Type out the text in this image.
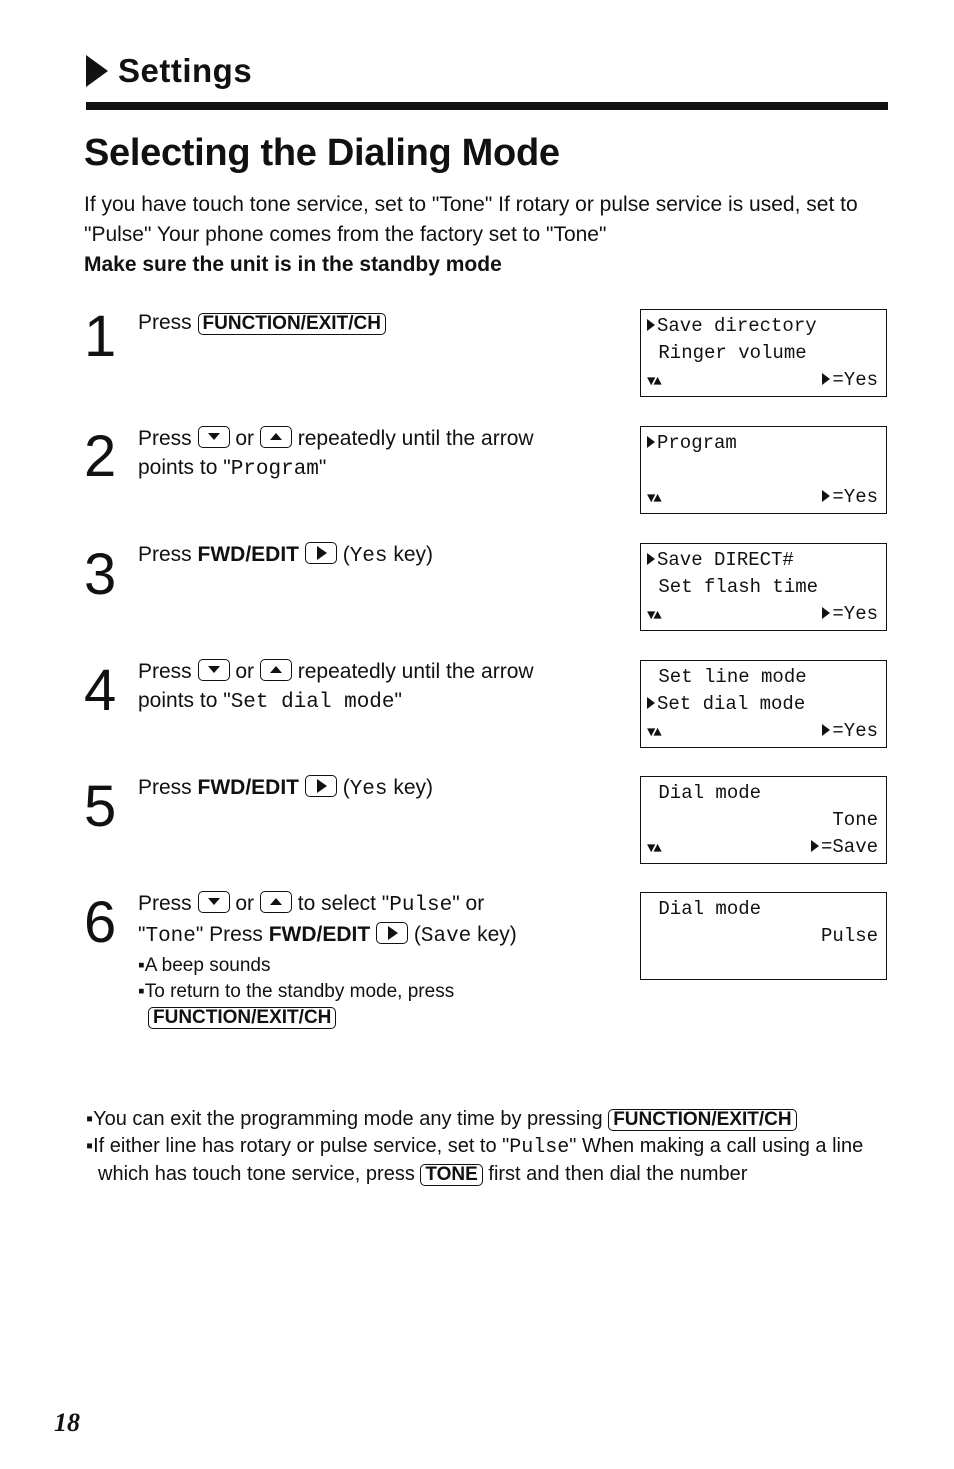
Settings
Selecting the Dialing Mode
If you have touch tone service, set to "Tone" If rotary or pulse service is used, set to "Pulse" Your phone comes from the factory set to "Tone"
Make sure the unit is in the standby mode
1 Press FUNCTION/EXIT/CH
2 Press or repeatedly until the arrow
points to "Program"
3 Press FWD/EDIT (Yes key)
4 Press or repeatedly until the arrow
points to "Set dial mode"
5 Press FWD/EDIT (Yes key)
6 Press or to select "Pulse" or
"Tone" Press FWD/EDIT (Save key)
▪A beep sounds
▪To return to the standby mode, press
FUNCTION/EXIT/CH
Save directory
Ringer volume
▼▲	=Yes
Program
▼▲	=Yes
Save DIRECT#
Set flash time
▼▲	=Yes
Set line mode
Set dial mode
▼▲	=Yes
Dial mode
Tone
▼▲	=Save
Dial mode
Pulse
▪You can exit the programming mode any time by pressing FUNCTION/EXIT/CH
▪If either line has rotary or pulse service, set to "Pulse" When making a call using a line which has touch tone service, press TONE first and then dial the number
18
